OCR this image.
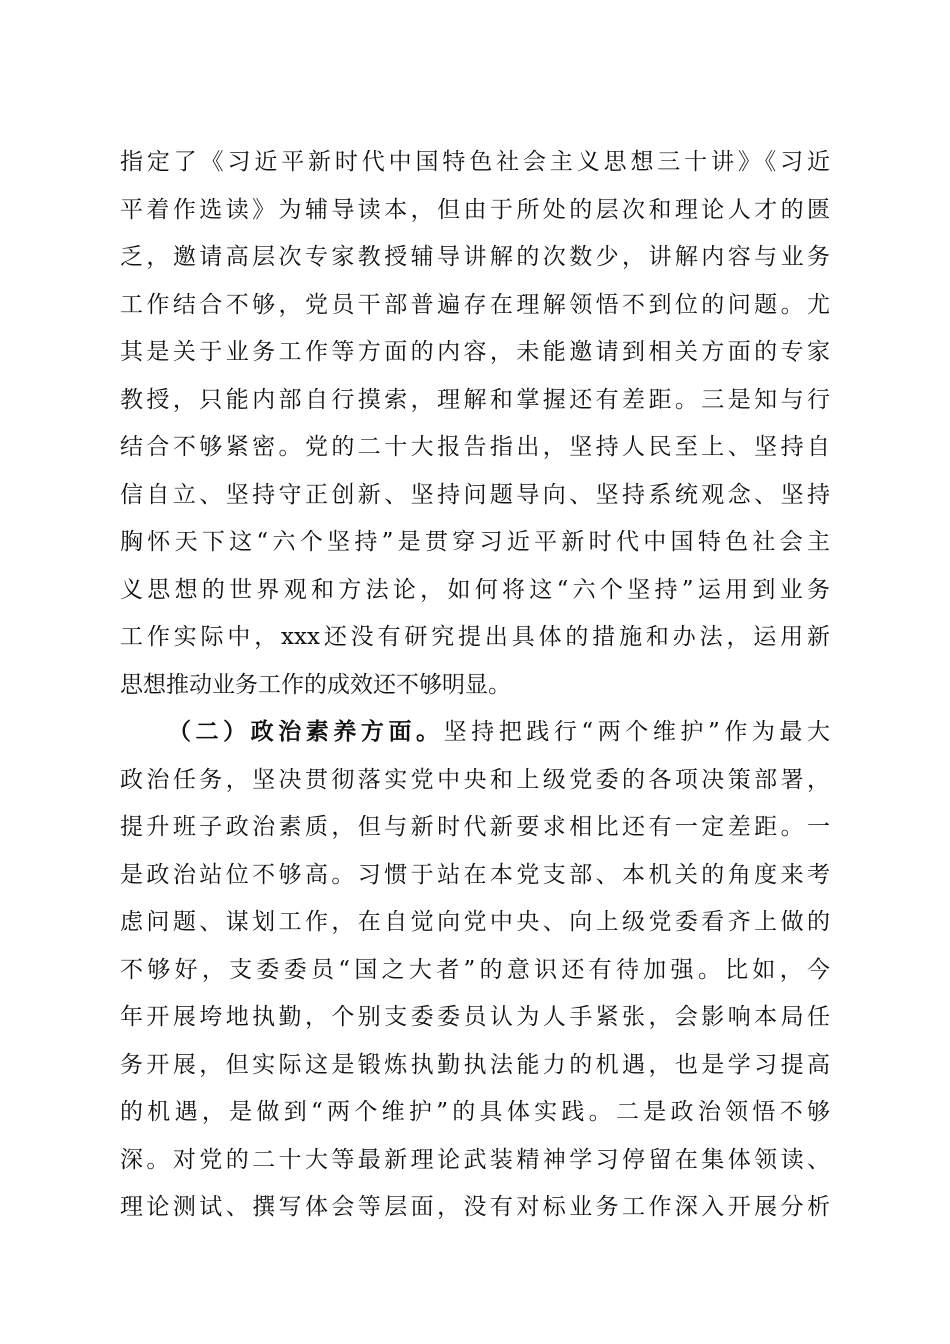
指定了《习近平新时代中国特色社会主义思想三十讲》《习近
平着作选读》为辅导读本，但由于所处的层次和理论人才的匮
乏，邀请高层次专家教授辅导讲解的次数少，讲解内容与业务
工作结合不够，党员干部普遍存在理解领悟不到位的问题。尤
其是关于业务工作等方面的内容，未能邀请到相关方面的专家
教授，只能内部自行摸索，理解和掌握还有差距。三是知与行
结合不够紧密。党的二十大报告指出，坚持人民至上、坚持自
信自立、坚持守正创新、坚持问题导向、坚持系统观念、坚持
胸怀天下这“六个坚持”是贯穿习近平新时代中国特色社会主
义思想的世界观和方法论，如何将这“六个坚持”运用到业务
工作实际中，xxx还没有研究提出具体的措施和办法，运用新
思想推动业务工作的成效还不够明显。
（二）政治素养方面。坚持把践行“两个维护”作为最大
政治任务，坚决贯彻落实党中央和上级党委的各项决策部署，
提升班子政治素质，但与新时代新要求相比还有一定差距。一
是政治站位不够高。习惯于站在本党支部、本机关的角度来考
虑问题、谋划工作，在自觉向党中央、向上级党委看齐上做的
不够好，支委委员“国之大者”的意识还有待加强。比如，今
年开展垮地执勤，个别支委委员认为人手紧张，会影响本局任
务开展，但实际这是锻炼执勤执法能力的机遇，也是学习提高
的机遇，是做到“两个维护”的具体实践。二是政治领悟不够
深。对党的二十大等最新理论武装精神学习停留在集体领读、
理论测试、撰写体会等层面，没有对标业务工作深入开展分析
